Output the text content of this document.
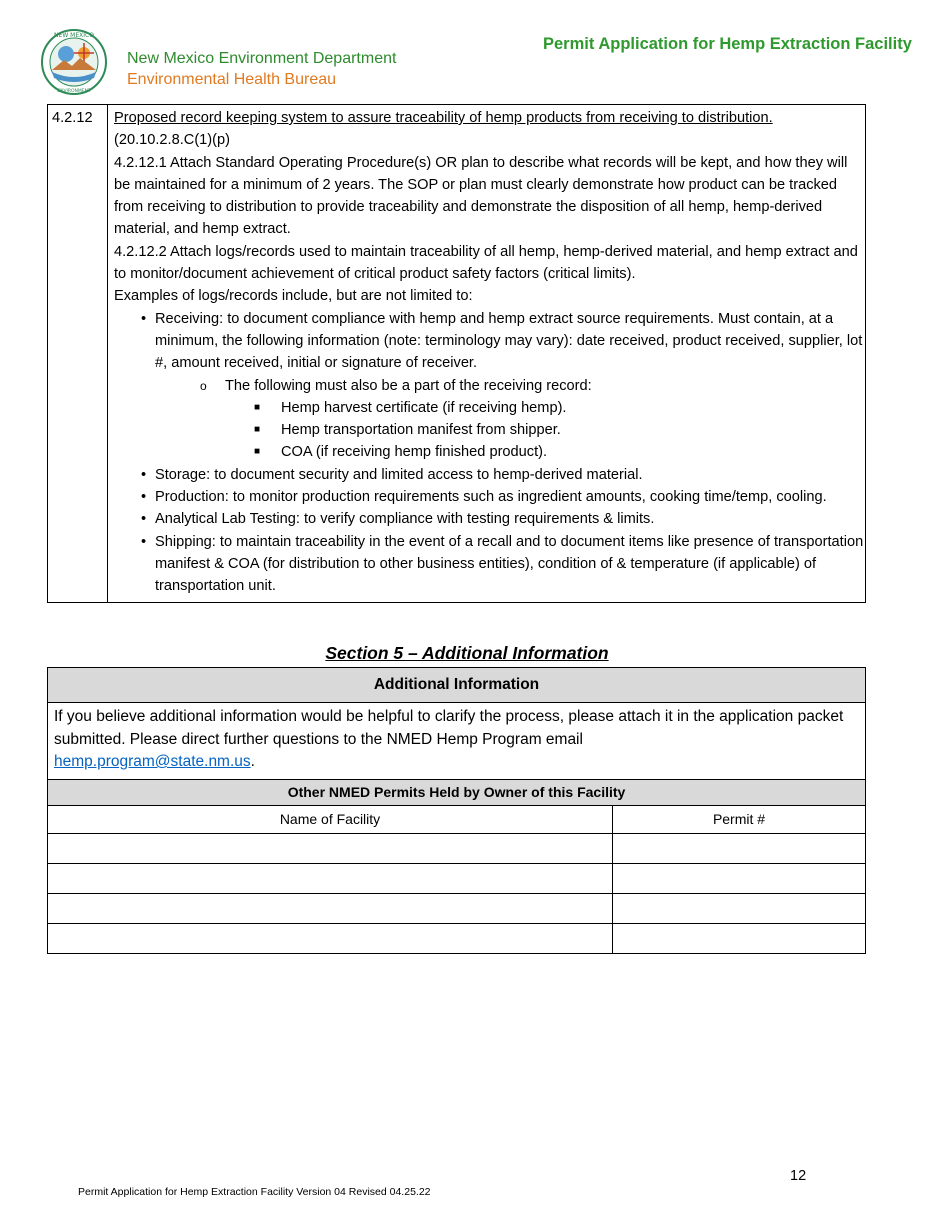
NEW MEXICO
ENVIRONMENT
New Mexico Environment Department
Environmental Health Bureau
Permit Application for Hemp Extraction Facility
4.2.12	Proposed record keeping system to assure traceability of hemp products from receiving to distribution.
(20.10.2.8.C(1)(p)
4.2.12.1 Attach Standard Operating Procedure(s) OR plan to describe what records will be kept, and how they will be maintained for a minimum of 2 years. The SOP or plan must clearly demonstrate how product can be tracked from receiving to distribution to provide traceability and demonstrate the disposition of all hemp, hemp-derived material, and hemp extract.
4.2.12.2 Attach logs/records used to maintain traceability of all hemp, hemp-derived material, and hemp extract and to monitor/document achievement of critical product safety factors (critical limits).
Examples of logs/records include, but are not limited to:
• Receiving: to document compliance with hemp and hemp extract source requirements. Must contain, at a minimum, the following information (note: terminology may vary): date received, product received, supplier, lot #, amount received, initial or signature of receiver.
o The following must also be a part of the receiving record:
■ Hemp harvest certificate (if receiving hemp).
■ Hemp transportation manifest from shipper.
■ COA (if receiving hemp finished product).
• Storage: to document security and limited access to hemp-derived material.
• Production: to monitor production requirements such as ingredient amounts, cooking time/temp, cooling.
• Analytical Lab Testing: to verify compliance with testing requirements & limits.
• Shipping: to maintain traceability in the event of a recall and to document items like presence of transportation manifest & COA (for distribution to other business entities), condition of & temperature (if applicable) of transportation unit.
Section 5 – Additional Information
Additional Information	
If you believe additional information would be helpful to clarify the process, please attach it in the application packet submitted. Please direct further questions to the NMED Hemp Program email
hemp.program@state.nm.us.	
Other NMED Permits Held by Owner of this Facility	
Name of Facility	Permit #

12
Permit Application for Hemp Extraction Facility Version 04 Revised 04.25.22
